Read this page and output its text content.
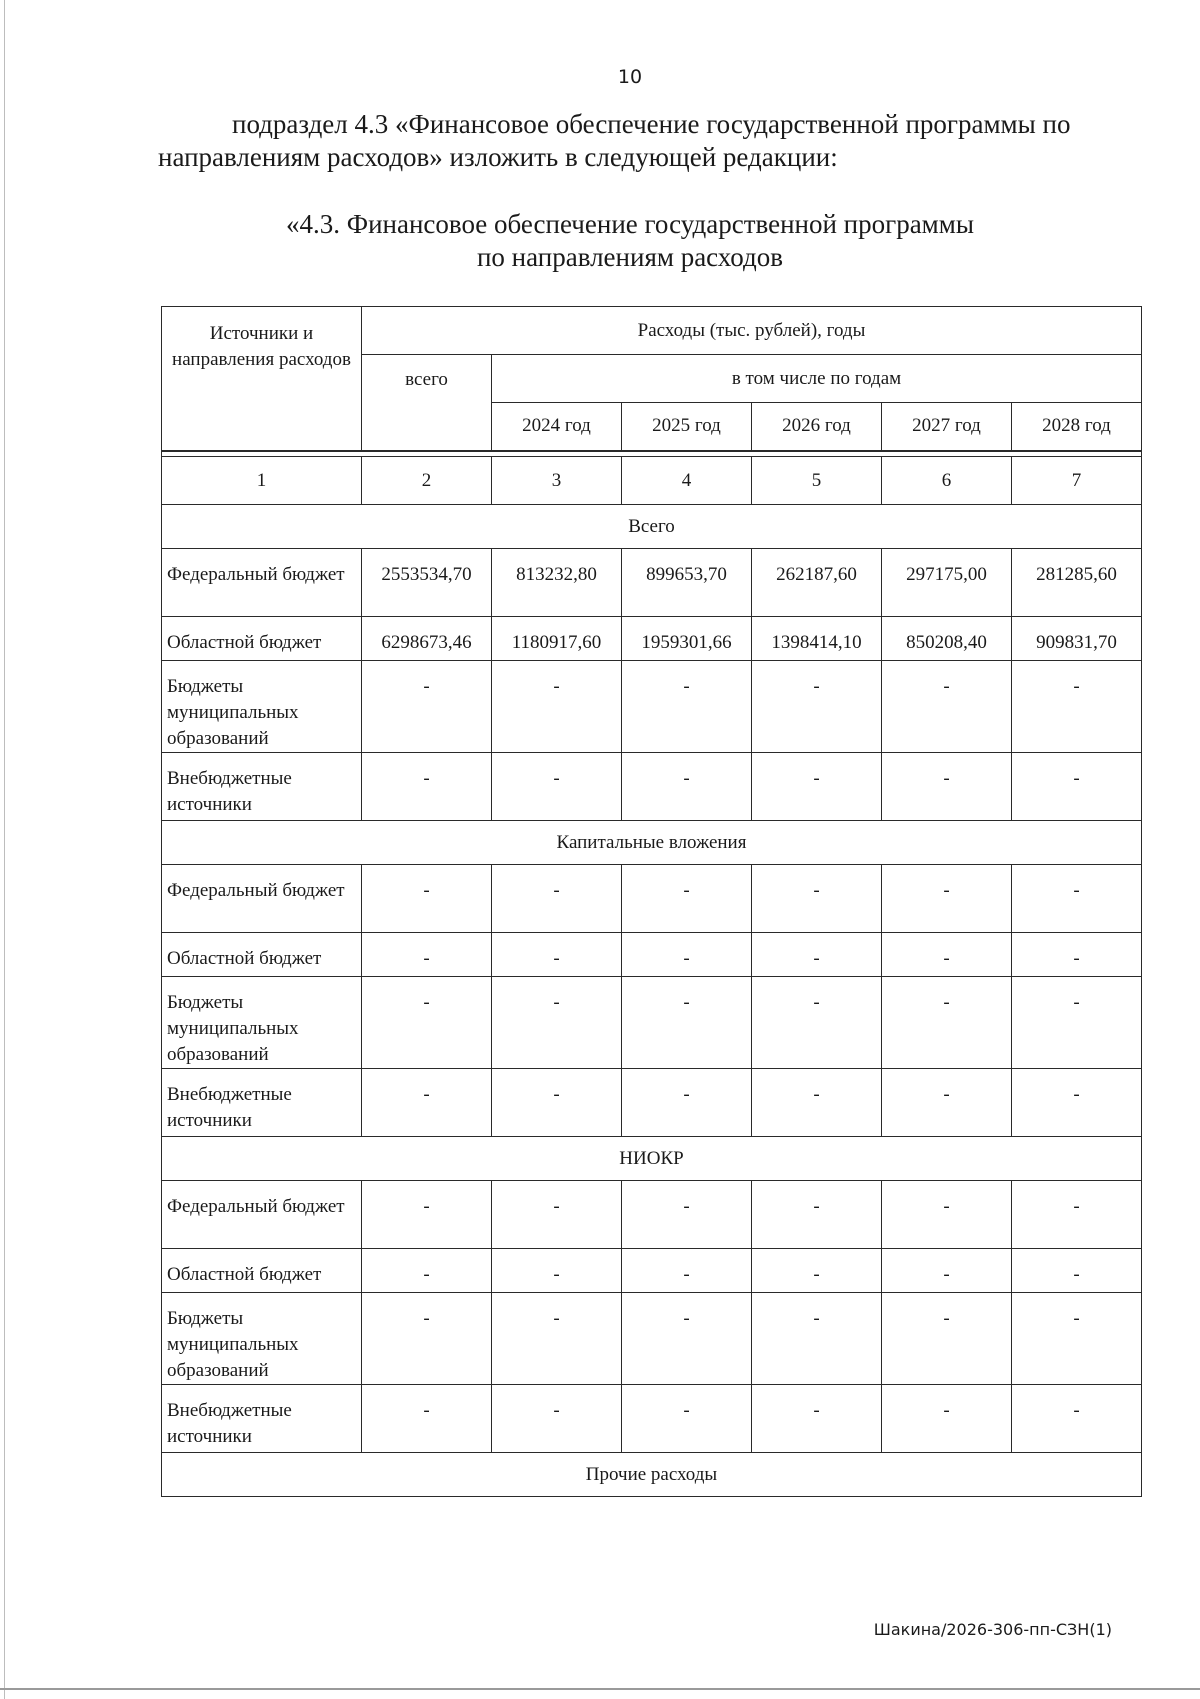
10
подраздел 4.3 «Финансовое обеспечение государственной программы по направлениям расходов» изложить в следующей редакции:
«4.3. Финансовое обеспечение государственной программы
по направлениям расходов
Источники и направления расходов	Расходы (тыс. рублей), годы					
	всего	в том числе по годам				
		2024 год	2025 год	2026 год	2027 год	2028 год

1	2	3	4	5	6	7
Всего						
Федеральный бюджет	2553534,70	813232,80	899653,70	262187,60	297175,00	281285,60
Областной бюджет	6298673,46	1180917,60	1959301,66	1398414,10	850208,40	909831,70
Бюджеты муниципальных образований	-	-	-	-	-	-
Внебюджетные источники	-	-	-	-	-	-
Капитальные вложения						
Федеральный бюджет	-	-	-	-	-	-
Областной бюджет	-	-	-	-	-	-
Бюджеты муниципальных образований	-	-	-	-	-	-
Внебюджетные источники	-	-	-	-	-	-
НИОКР						
Федеральный бюджет	-	-	-	-	-	-
Областной бюджет	-	-	-	-	-	-
Бюджеты муниципальных образований	-	-	-	-	-	-
Внебюджетные источники	-	-	-	-	-	-
Прочие расходы						
Шакина/2026-306-пп-СЗН(1)
